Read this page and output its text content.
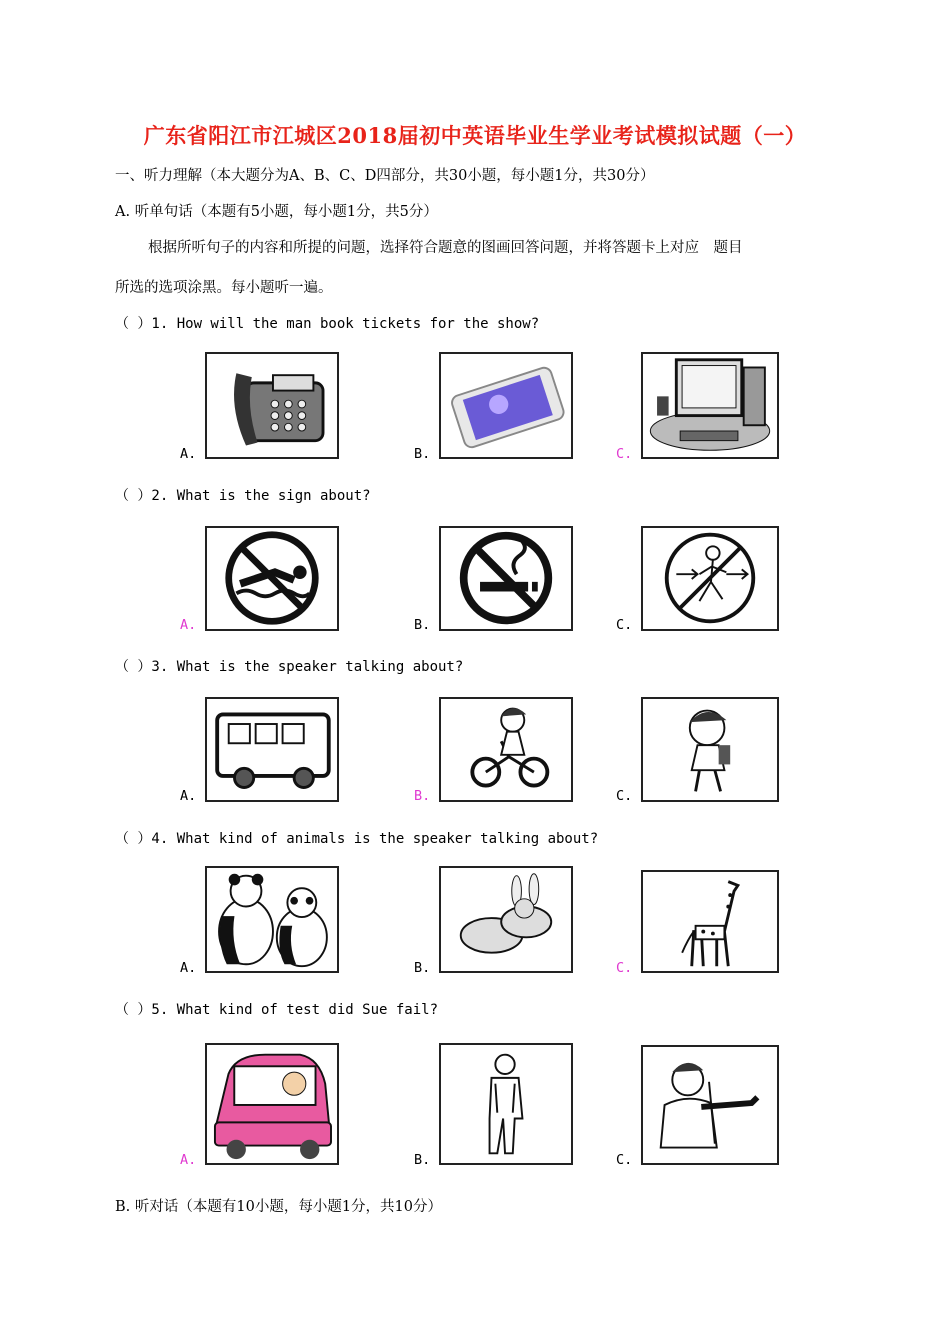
广东省阳江市江城区2018届初中英语毕业生学业考试模拟试题（一）
一、听力理解（本大题分为A、B、C、D四部分，共30小题，每小题1分，共30分）
A. 听单句话（本题有5小题，每小题1分，共5分）
根据所听句子的内容和所提的问题，选择符合题意的图画回答问题，并将答题卡上对应　题目
所选的选项涂黑。每小题听一遍。
（ ）1. How will the man book tickets for the show?
A.	B.	C.
（ ）2. What is the sign about?
A.	B.	C.
（ ）3. What is the speaker talking about?
A.	B.	C.
（ ）4. What kind of animals is the speaker talking about?
A.	B.	C.
（ ）5. What kind of test did Sue fail?
A.	B.	C.
B. 听对话（本题有10小题，每小题1分，共10分）
